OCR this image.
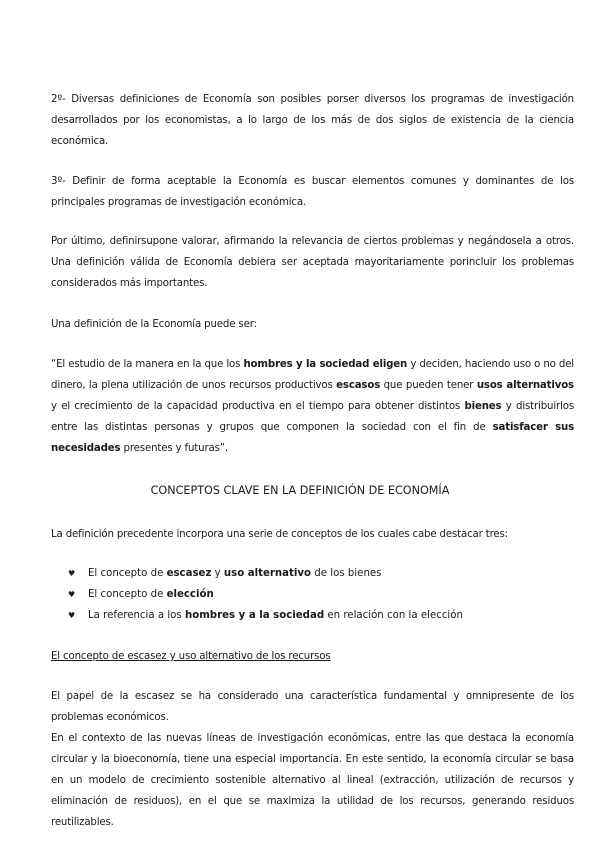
2º- Diversas definiciones de Economía son posibles porser diversos los programas de investigación desarrollados por los economistas, a lo largo de los más de dos siglos de existencia de la ciencia económica.

3º- Definir de forma aceptable la Economía es buscar elementos comunes y dominantes de los principales programas de investigación económica.

Por último, definirsupone valorar, afirmando la relevancia de ciertos problemas y negándosela a otros. Una definición válida de Economía debiera ser aceptada mayoritariamente porincluir los problemas considerados más importantes.

Una definición de la Economía puede ser:

“El estudio de la manera en la que los hombres y la sociedad eligen y deciden, haciendo uso o no del dinero, la plena utilización de unos recursos productivos escasos que pueden tener usos alternativos y el crecimiento de la capacidad productiva en el tiempo para obtener distintos bienes y distribuirlos entre las distintas personas y grupos que componen la sociedad con el fin de satisfacer sus necesidades presentes y futuras”.

CONCEPTOS CLAVE EN LA DEFINICIÓN DE ECONOMÍA

La definición precedente incorpora una serie de conceptos de los cuales cabe destacar tres:

♥ El concepto de escasez y uso alternativo de los bienes
♥ El concepto de elección
♥ La referencia a los hombres y a la sociedad en relación con la elección

El concepto de escasez y uso alternativo de los recursos

El papel de la escasez se ha considerado una característica fundamental y omnipresente de los problemas económicos.
En el contexto de las nuevas líneas de investigación económicas, entre las que destaca la economía circular y la bioeconomía, tiene una especial importancia. En este sentido, la economía circular se basa en un modelo de crecimiento sostenible alternativo al lineal (extracción, utilización de recursos y eliminación de residuos), en el que se maximiza la utilidad de los recursos, generando residuos reutilizables.
